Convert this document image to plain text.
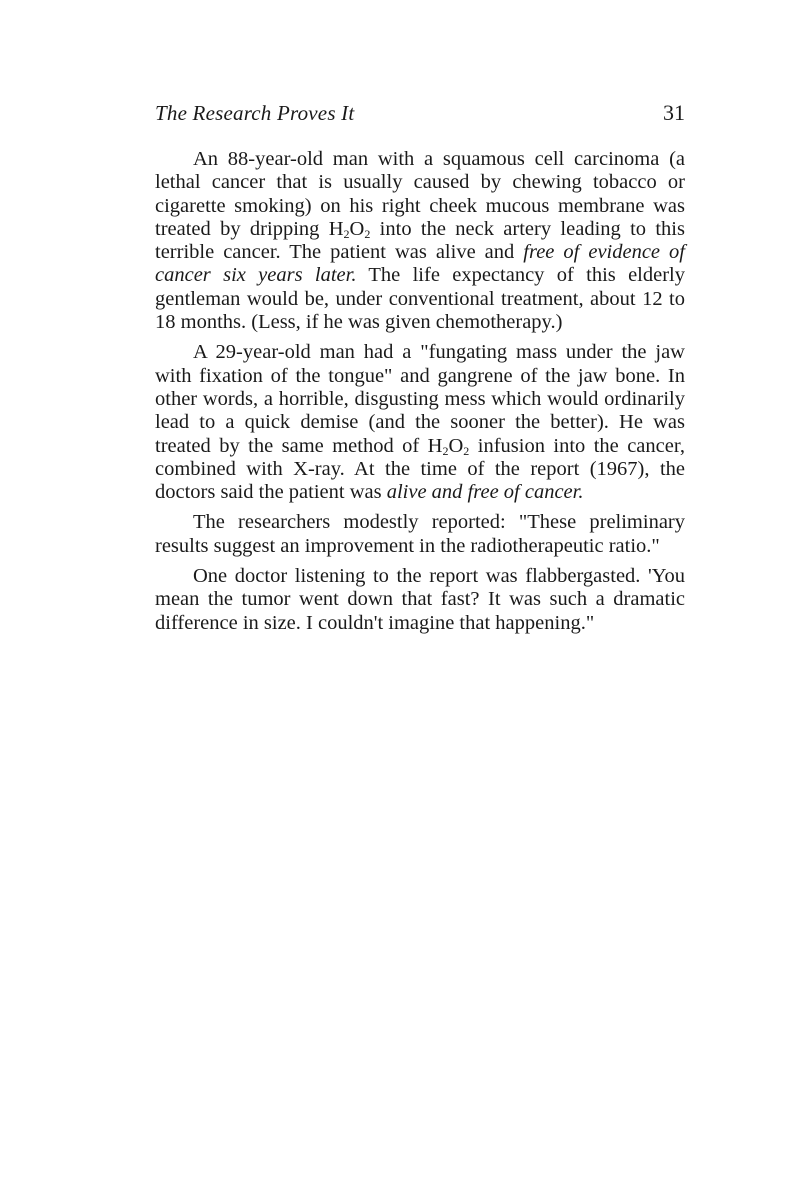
The Research Proves It	31

An 88-year-old man with a squamous cell carcinoma (a lethal cancer that is usually caused by chewing tobacco or cigarette smoking) on his right cheek mucous membrane was treated by dripping $H_2O_2$ into the neck artery leading to this terrible cancer. The patient was alive and free of evidence of cancer six years later. The life expectancy of this elderly gentleman would be, under conventional treatment, about 12 to 18 months. (Less, if he was given chemotherapy.)

A 29-year-old man had a "fungating mass under the jaw with fixation of the tongue" and gangrene of the jaw bone. In other words, a horrible, disgusting mess which would ordinarily lead to a quick demise (and the sooner the better). He was treated by the same method of $H_2O_2$ infusion into the cancer, combined with X-ray. At the time of the report (1967), the doctors said the patient was alive and free of cancer.

The researchers modestly reported: "These preliminary results suggest an improvement in the radiotherapeutic ratio."

One doctor listening to the report was flabbergasted. 'You mean the tumor went down that fast? It was such a dramatic difference in size. I couldn't imagine that happening."
